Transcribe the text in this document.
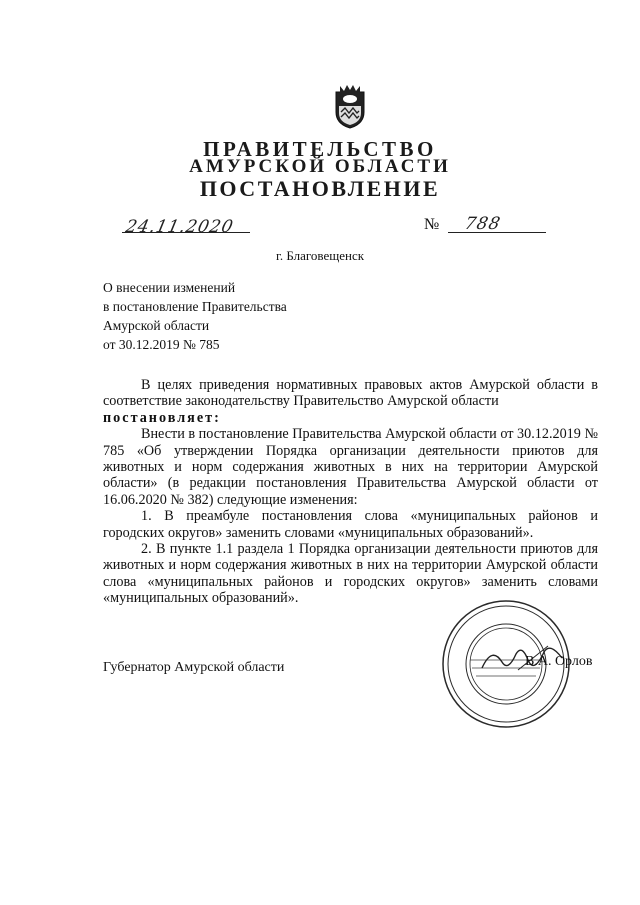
ПРАВИТЕЛЬСТВО
АМУРСКОЙ ОБЛАСТИ
ПОСТАНОВЛЕНИЕ
24.11.2020	№ 788
г. Благовещенск
О внесении изменений
в постановление Правительства
Амурской области
от 30.12.2019 № 785

В целях приведения нормативных правовых актов Амурской области в соответствие законодательству Правительство Амурской области

постановляет:

Внести в постановление Правительства Амурской области от 30.12.2019 № 785 «Об утверждении Порядка организации деятельности приютов для животных и норм содержания животных в них на территории Амурской области» (в редакции постановления Правительства Амурской области от 16.06.2020 № 382) следующие изменения:

1. В преамбуле постановления слова «муниципальных районов и городских округов» заменить словами «муниципальных образований».

2. В пункте 1.1 раздела 1 Порядка организации деятельности приютов для животных и норм содержания животных в них на территории Амурской области слова «муниципальных районов и городских округов» заменить словами «муниципальных образований».

Губернатор Амурской области	В.А. Орлов
